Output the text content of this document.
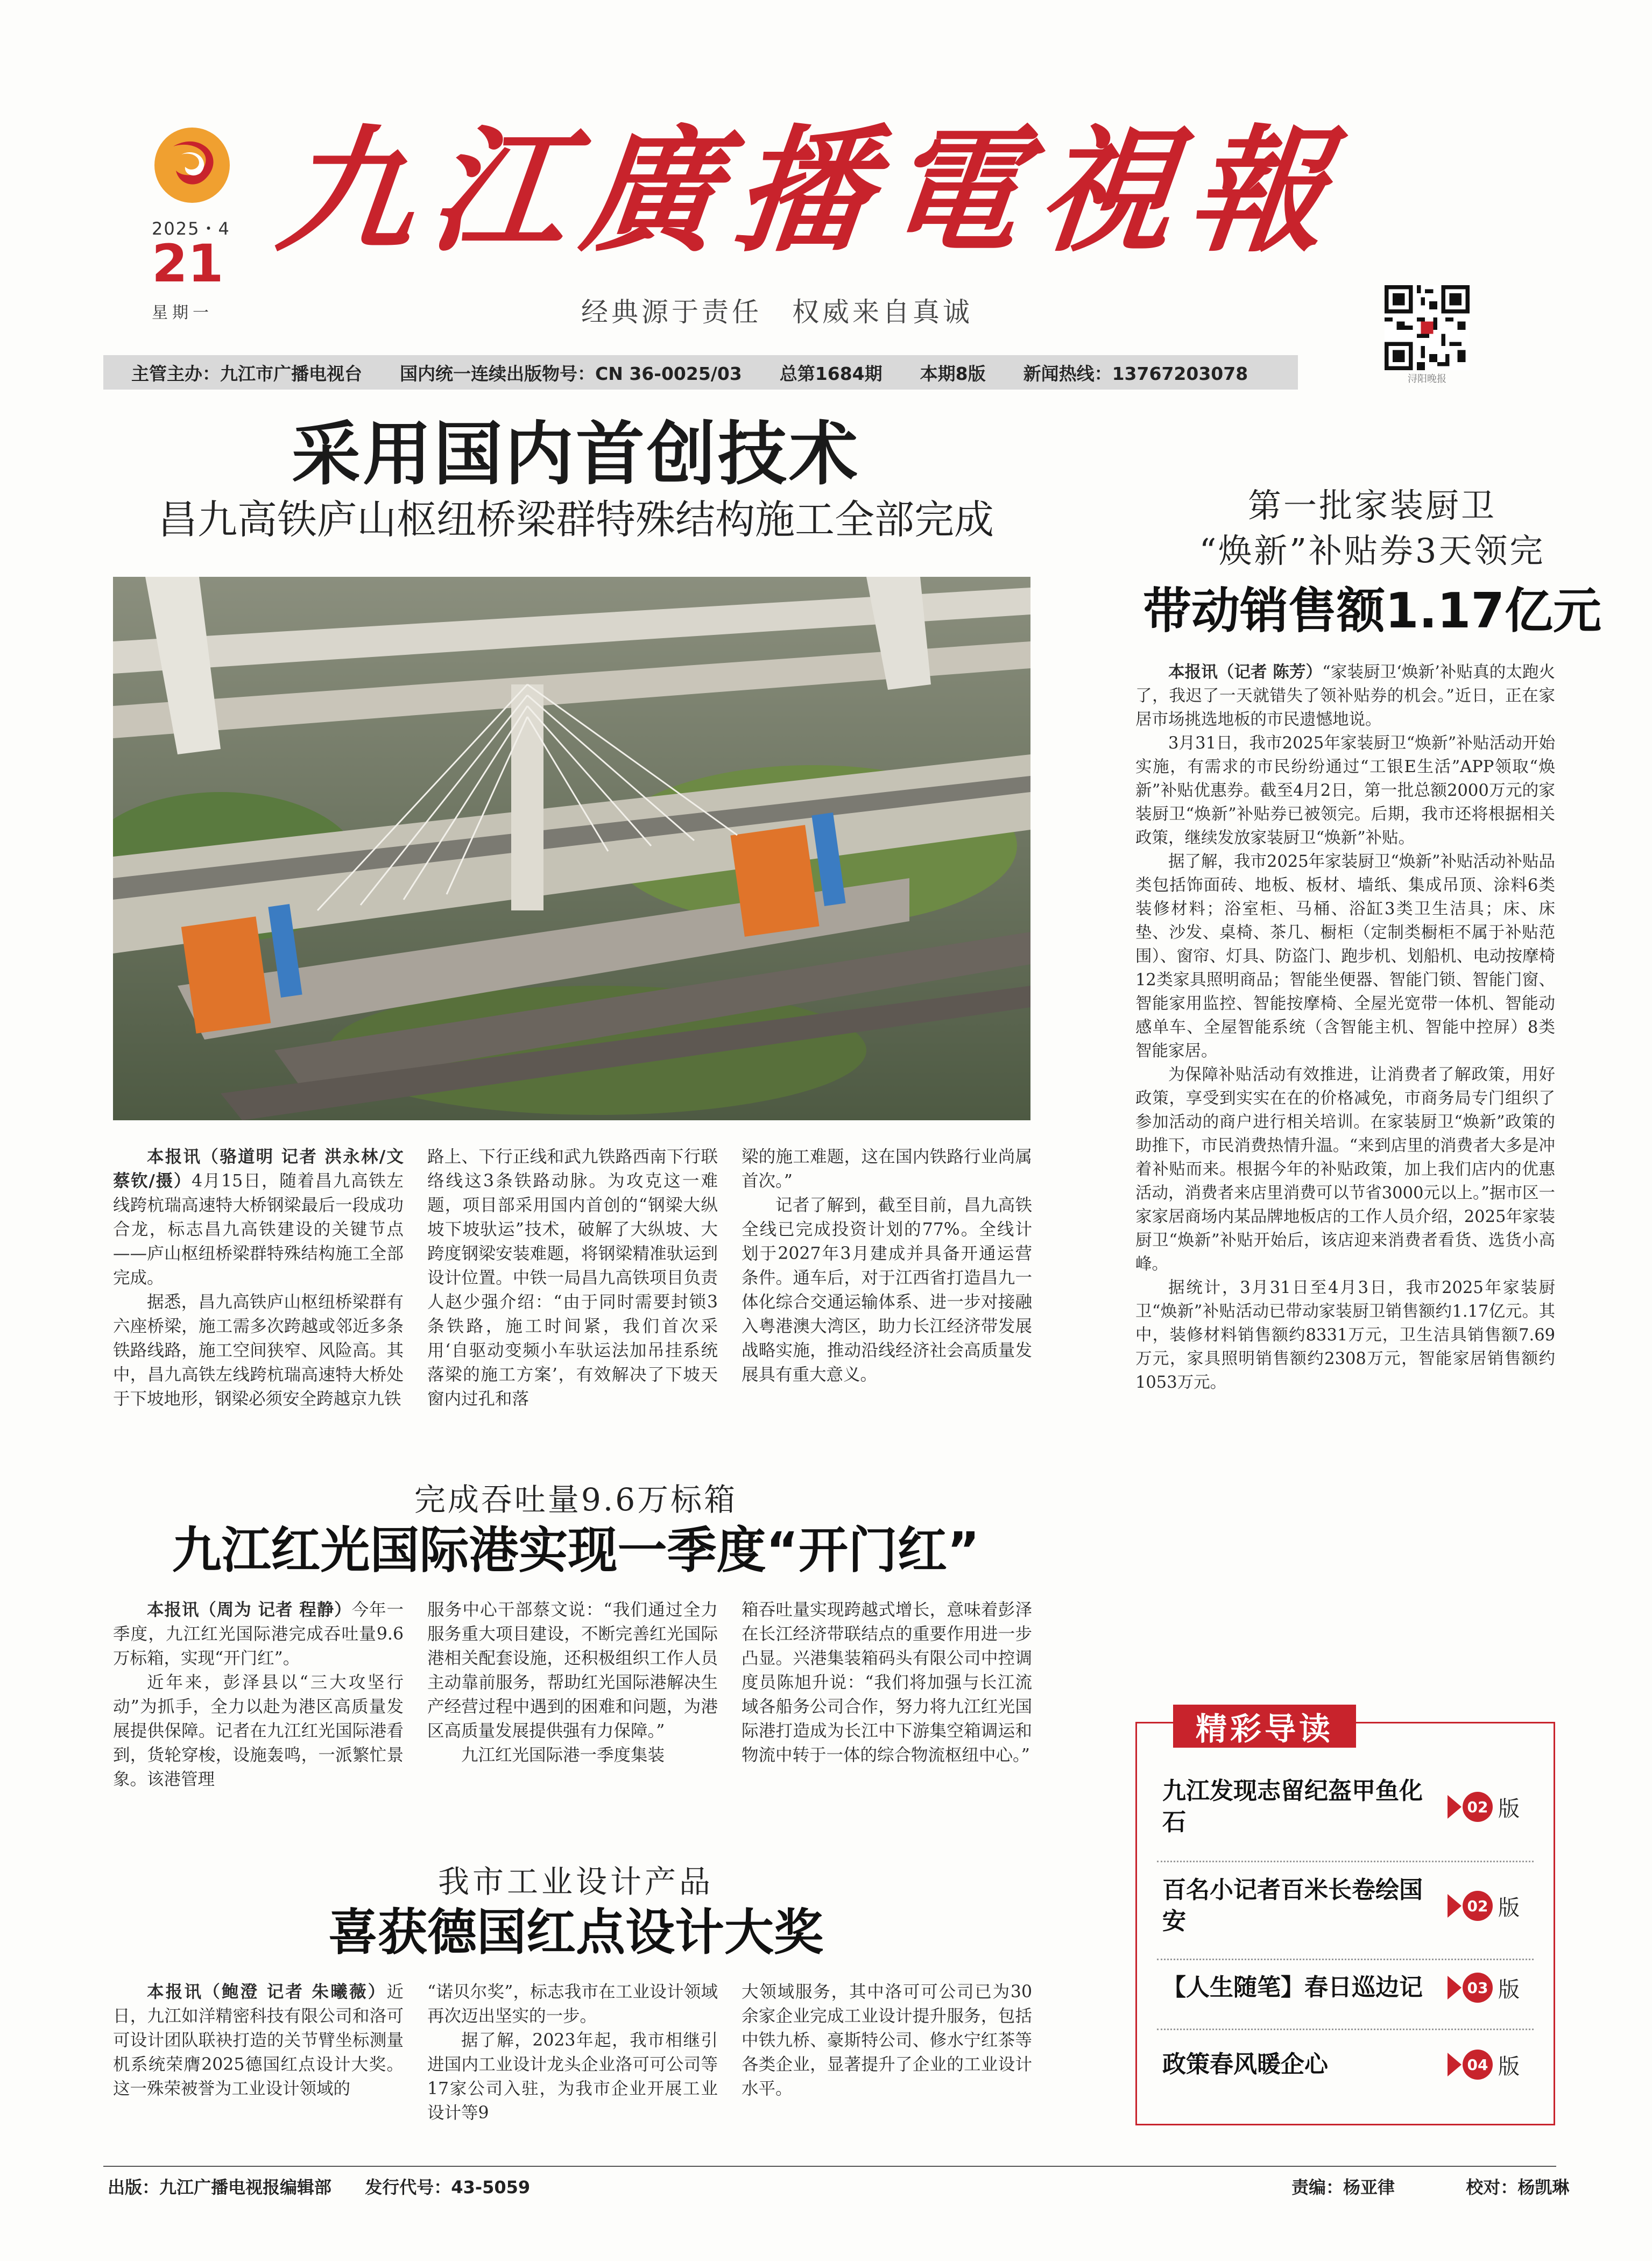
2025・4
21
星期一
九江廣播電視報
经典源于责任　权威来自真诚
浔阳晚报
主管主办：九江市广播电视台 国内统一连续出版物号：CN 36-0025/03 总第1684期 本期8版 新闻热线：13767203078
采用国内首创技术
昌九高铁庐山枢纽桥梁群特殊结构施工全部完成

本报讯（骆道明 记者 洪永林/文 蔡钦/摄）4月15日，随着昌九高铁左线跨杭瑞高速特大桥钢梁最后一段成功合龙，标志昌九高铁建设的关键节点——庐山枢纽桥梁群特殊结构施工全部完成。

据悉，昌九高铁庐山枢纽桥梁群有六座桥梁，施工需多次跨越或邻近多条铁路线路，施工空间狭窄、风险高。其中，昌九高铁左线跨杭瑞高速特大桥处于下坡地形，钢梁必须安全跨越京九铁

路上、下行正线和武九铁路西南下行联络线这3条铁路动脉。为攻克这一难题，项目部采用国内首创的“钢梁大纵坡下坡驮运”技术，破解了大纵坡、大跨度钢梁安装难题，将钢梁精准驮运到设计位置。中铁一局昌九高铁项目负责人赵少强介绍：“由于同时需要封锁3条铁路，施工时间紧，我们首次采用‘自驱动变频小车驮运法加吊挂系统落梁的施工方案’，有效解决了下坡天窗内过孔和落

梁的施工难题，这在国内铁路行业尚属首次。”

记者了解到，截至目前，昌九高铁全线已完成投资计划的77%。全线计划于2027年3月建成并具备开通运营条件。通车后，对于江西省打造昌九一体化综合交通运输体系、进一步对接融入粤港澳大湾区，助力长江经济带发展战略实施，推动沿线经济社会高质量发展具有重大意义。

第一批家装厨卫
“焕新”补贴券3天领完
带动销售额1.17亿元

本报讯（记者 陈芳）“家装厨卫‘焕新’补贴真的太跑火了，我迟了一天就错失了领补贴券的机会。”近日，正在家居市场挑选地板的市民遗憾地说。

3月31日，我市2025年家装厨卫“焕新”补贴活动开始实施，有需求的市民纷纷通过“工银E生活”APP领取“焕新”补贴优惠券。截至4月2日，第一批总额2000万元的家装厨卫“焕新”补贴券已被领完。后期，我市还将根据相关政策，继续发放家装厨卫“焕新”补贴。

据了解，我市2025年家装厨卫“焕新”补贴活动补贴品类包括饰面砖、地板、板材、墙纸、集成吊顶、涂料6类装修材料；浴室柜、马桶、浴缸3类卫生洁具；床、床垫、沙发、桌椅、茶几、橱柜（定制类橱柜不属于补贴范围）、窗帘、灯具、防盗门、跑步机、划船机、电动按摩椅12类家具照明商品；智能坐便器、智能门锁、智能门窗、智能家用监控、智能按摩椅、全屋光宽带一体机、智能动感单车、全屋智能系统（含智能主机、智能中控屏）8类智能家居。

为保障补贴活动有效推进，让消费者了解政策，用好政策，享受到实实在在的价格减免，市商务局专门组织了参加活动的商户进行相关培训。在家装厨卫“焕新”政策的助推下，市民消费热情升温。“来到店里的消费者大多是冲着补贴而来。根据今年的补贴政策，加上我们店内的优惠活动，消费者来店里消费可以节省3000元以上。”据市区一家家居商场内某品牌地板店的工作人员介绍，2025年家装厨卫“焕新”补贴开始后，该店迎来消费者看货、选货小高峰。

据统计，3月31日至4月3日，我市2025年家装厨卫“焕新”补贴活动已带动家装厨卫销售额约1.17亿元。其中，装修材料销售额约8331万元，卫生洁具销售额7.69万元，家具照明销售额约2308万元，智能家居销售额约1053万元。

完成吞吐量9.6万标箱
九江红光国际港实现一季度“开门红”

本报讯（周为 记者 程静）今年一季度，九江红光国际港完成吞吐量9.6万标箱，实现“开门红”。

近年来，彭泽县以“三大攻坚行动”为抓手，全力以赴为港区高质量发展提供保障。记者在九江红光国际港看到，货轮穿梭，设施轰鸣，一派繁忙景象。该港管理

服务中心干部蔡文说：“我们通过全力服务重大项目建设，不断完善红光国际港相关配套设施，还积极组织工作人员主动靠前服务，帮助红光国际港解决生产经营过程中遇到的困难和问题，为港区高质量发展提供强有力保障。”

九江红光国际港一季度集装

箱吞吐量实现跨越式增长，意味着彭泽在长江经济带联结点的重要作用进一步凸显。兴港集装箱码头有限公司中控调度员陈旭升说：“我们将加强与长江流域各船务公司合作，努力将九江红光国际港打造成为长江中下游集空箱调运和物流中转于一体的综合物流枢纽中心。”

我市工业设计产品
喜获德国红点设计大奖

本报讯（鲍澄 记者 朱曦薇）近日，九江如洋精密科技有限公司和洛可可设计团队联袂打造的关节臂坐标测量机系统荣膺2025德国红点设计大奖。这一殊荣被誉为工业设计领域的

“诺贝尔奖”，标志我市在工业设计领域再次迈出坚实的一步。

据了解，2023年起，我市相继引进国内工业设计龙头企业洛可可公司等17家公司入驻，为我市企业开展工业设计等9

大领域服务，其中洛可可公司已为30余家企业完成工业设计提升服务，包括中铁九桥、豪斯特公司、修水宁红茶等各类企业，显著提升了企业的工业设计水平。

精彩导读
九江发现志留纪盔甲鱼化石
02 版
百名小记者百米长卷绘国安
02 版
【人生随笔】春日巡边记	03 版
政策春风暖企心	04 版
出版：九江广播电视报编辑部 发行代号：43-5059	责编：杨亚律	校对：杨凯琳
